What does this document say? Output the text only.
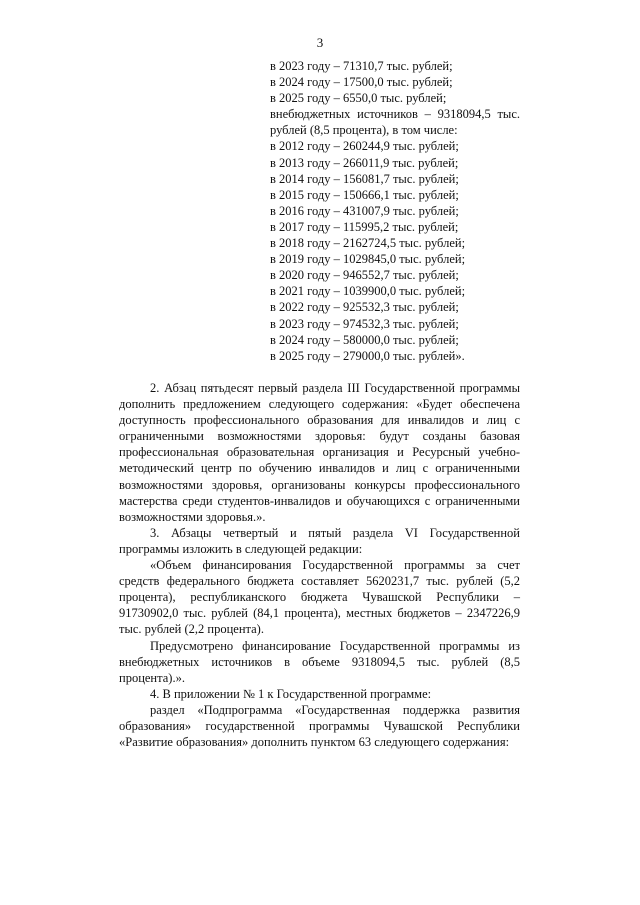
3
в 2023 году – 71310,7 тыс. рублей;
в 2024 году – 17500,0 тыс. рублей;
в 2025 году – 6550,0 тыс. рублей;
внебюджетных источников – 9318094,5 тыс. рублей (8,5 процента), в том числе:
в 2012 году – 260244,9 тыс. рублей;
в 2013 году – 266011,9 тыс. рублей;
в 2014 году – 156081,7 тыс. рублей;
в 2015 году – 150666,1 тыс. рублей;
в 2016 году – 431007,9 тыс. рублей;
в 2017 году – 115995,2 тыс. рублей;
в 2018 году – 2162724,5 тыс. рублей;
в 2019 году – 1029845,0 тыс. рублей;
в 2020 году – 946552,7 тыс. рублей;
в 2021 году – 1039900,0 тыс. рублей;
в 2022 году – 925532,3 тыс. рублей;
в 2023 году – 974532,3 тыс. рублей;
в 2024 году – 580000,0 тыс. рублей;
в 2025 году – 279000,0 тыс. рублей».

2. Абзац пятьдесят первый раздела III Государственной программы дополнить предложением следующего содержания: «Будет обеспечена доступность профессионального образования для инвалидов и лиц с ограниченными возможностями здоровья: будут созданы базовая профессиональная образовательная организация и Ресурсный учебно-методический центр по обучению инвалидов и лиц с ограниченными возможностями здоровья, организованы конкурсы профессионального мастерства среди студентов-инвалидов и обучающихся с ограниченными возможностями здоровья.».

3. Абзацы четвертый и пятый раздела VI Государственной программы изложить в следующей редакции:

«Объем финансирования Государственной программы за счет средств федерального бюджета составляет 5620231,7 тыс. рублей (5,2 процента), республиканского бюджета Чувашской Республики – 91730902,0 тыс. рублей (84,1 процента), местных бюджетов – 2347226,9 тыс. рублей (2,2 процента).

Предусмотрено финансирование Государственной программы из внебюджетных источников в объеме 9318094,5 тыс. рублей (8,5 процента).».

4. В приложении № 1 к Государственной программе:

раздел «Подпрограмма «Государственная поддержка развития образования» государственной программы Чувашской Республики «Развитие образования» дополнить пунктом 63 следующего содержания:
